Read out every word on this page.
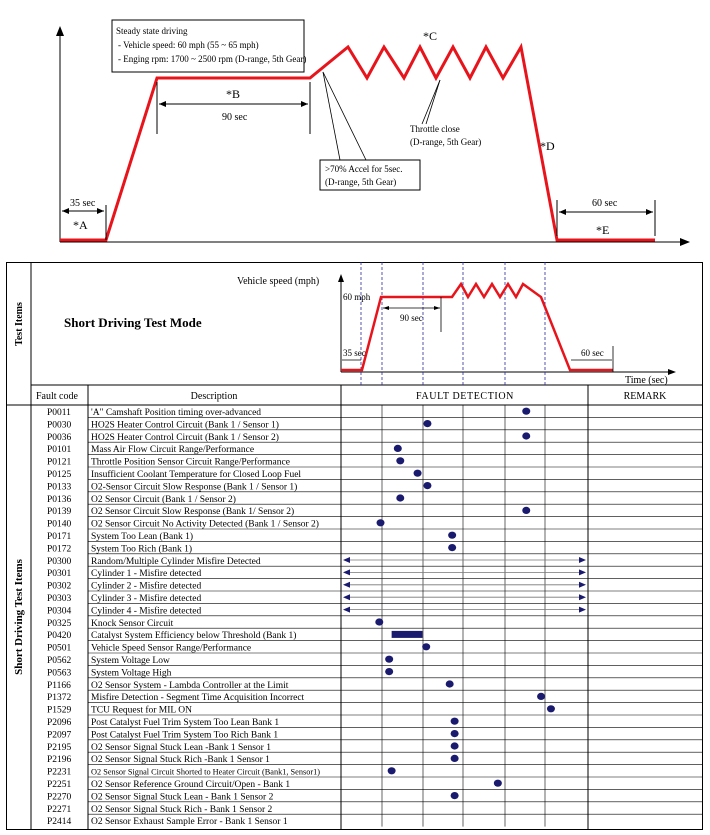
35 sec
*A
*B
90 sec
60 sec
*E
*C
*D
Steady state driving
- Vehicle speed: 60 mph (55 ~ 65 mph)
- Enging rpm: 1700 ~ 2500 rpm (D-range, 5th Gear)
>70% Accel for 5sec.
(D-range, 5th Gear)
Throttle close
(D-range, 5th Gear)
Test Items
Short Driving Test Items
Short Driving Test Mode
Fault code	Description	FAULT DETECTION	REMARK
Vehicle speed (mph)
60 mph
Time (sec)
90 sec
35 sec	60 sec
P0011 'A" Camshaft Position timing over-advanced
P0030 HO2S Heater Control Circuit (Bank 1 / Sensor 1)
P0036 HO2S Heater Control Circuit (Bank 1 / Sensor 2)
P0101 Mass Air Flow Circuit Range/Performance
P0121 Throttle Position Sensor Circuit Range/Performance
P0125 Insufficient Coolant Temperature for Closed Loop Fuel
P0133 O2-Sensor Circuit Slow Response (Bank 1 / Sensor 1)
P0136 O2 Sensor Circuit (Bank 1 / Sensor 2)
P0139 O2 Sensor Circuit Slow Response (Bank 1/ Sensor 2)
P0140 O2 Sensor Circuit No Activity Detected (Bank 1 / Sensor 2)
P0171 System Too Lean (Bank 1)
P0172 System Too Rich (Bank 1)
P0300 Random/Multiple Cylinder Misfire Detected
P0301 Cylinder 1 - Misfire detected
P0302 Cylinder 2 - Misfire detected
P0303 Cylinder 3 - Misfire detected
P0304 Cylinder 4 - Misfire detected
P0325 Knock Sensor Circuit
P0420 Catalyst System Efficiency below Threshold (Bank 1)
P0501 Vehicle Speed Sensor Range/Performance
P0562 System Voltage Low
P0563 System Voltage High
P1166 O2 Sensor System - Lambda Controller at the Limit
P1372 Misfire Detection - Segment Time Acquisition Incorrect
P1529 TCU Request for MIL ON
P2096 Post Catalyst Fuel Trim System Too Lean Bank 1
P2097 Post Catalyst Fuel Trim System Too Rich Bank 1
P2195 O2 Sensor Signal Stuck Lean -Bank 1 Sensor 1
P2196 O2 Sensor Signal Stuck Rich -Bank 1 Sensor 1
P2231 O2 Sensor Signal Circuit Shorted to Heater Circuit (Bank1, Sensor1)
P2251 O2 Sensor Reference Ground Circuit/Open - Bank 1
P2270 O2 Sensor Signal Stuck Lean - Bank 1 Sensor 2
P2271 O2 Sensor Signal Stuck Rich - Bank 1 Sensor 2
P2414 O2 Sensor Exhaust Sample Error - Bank 1 Sensor 1
